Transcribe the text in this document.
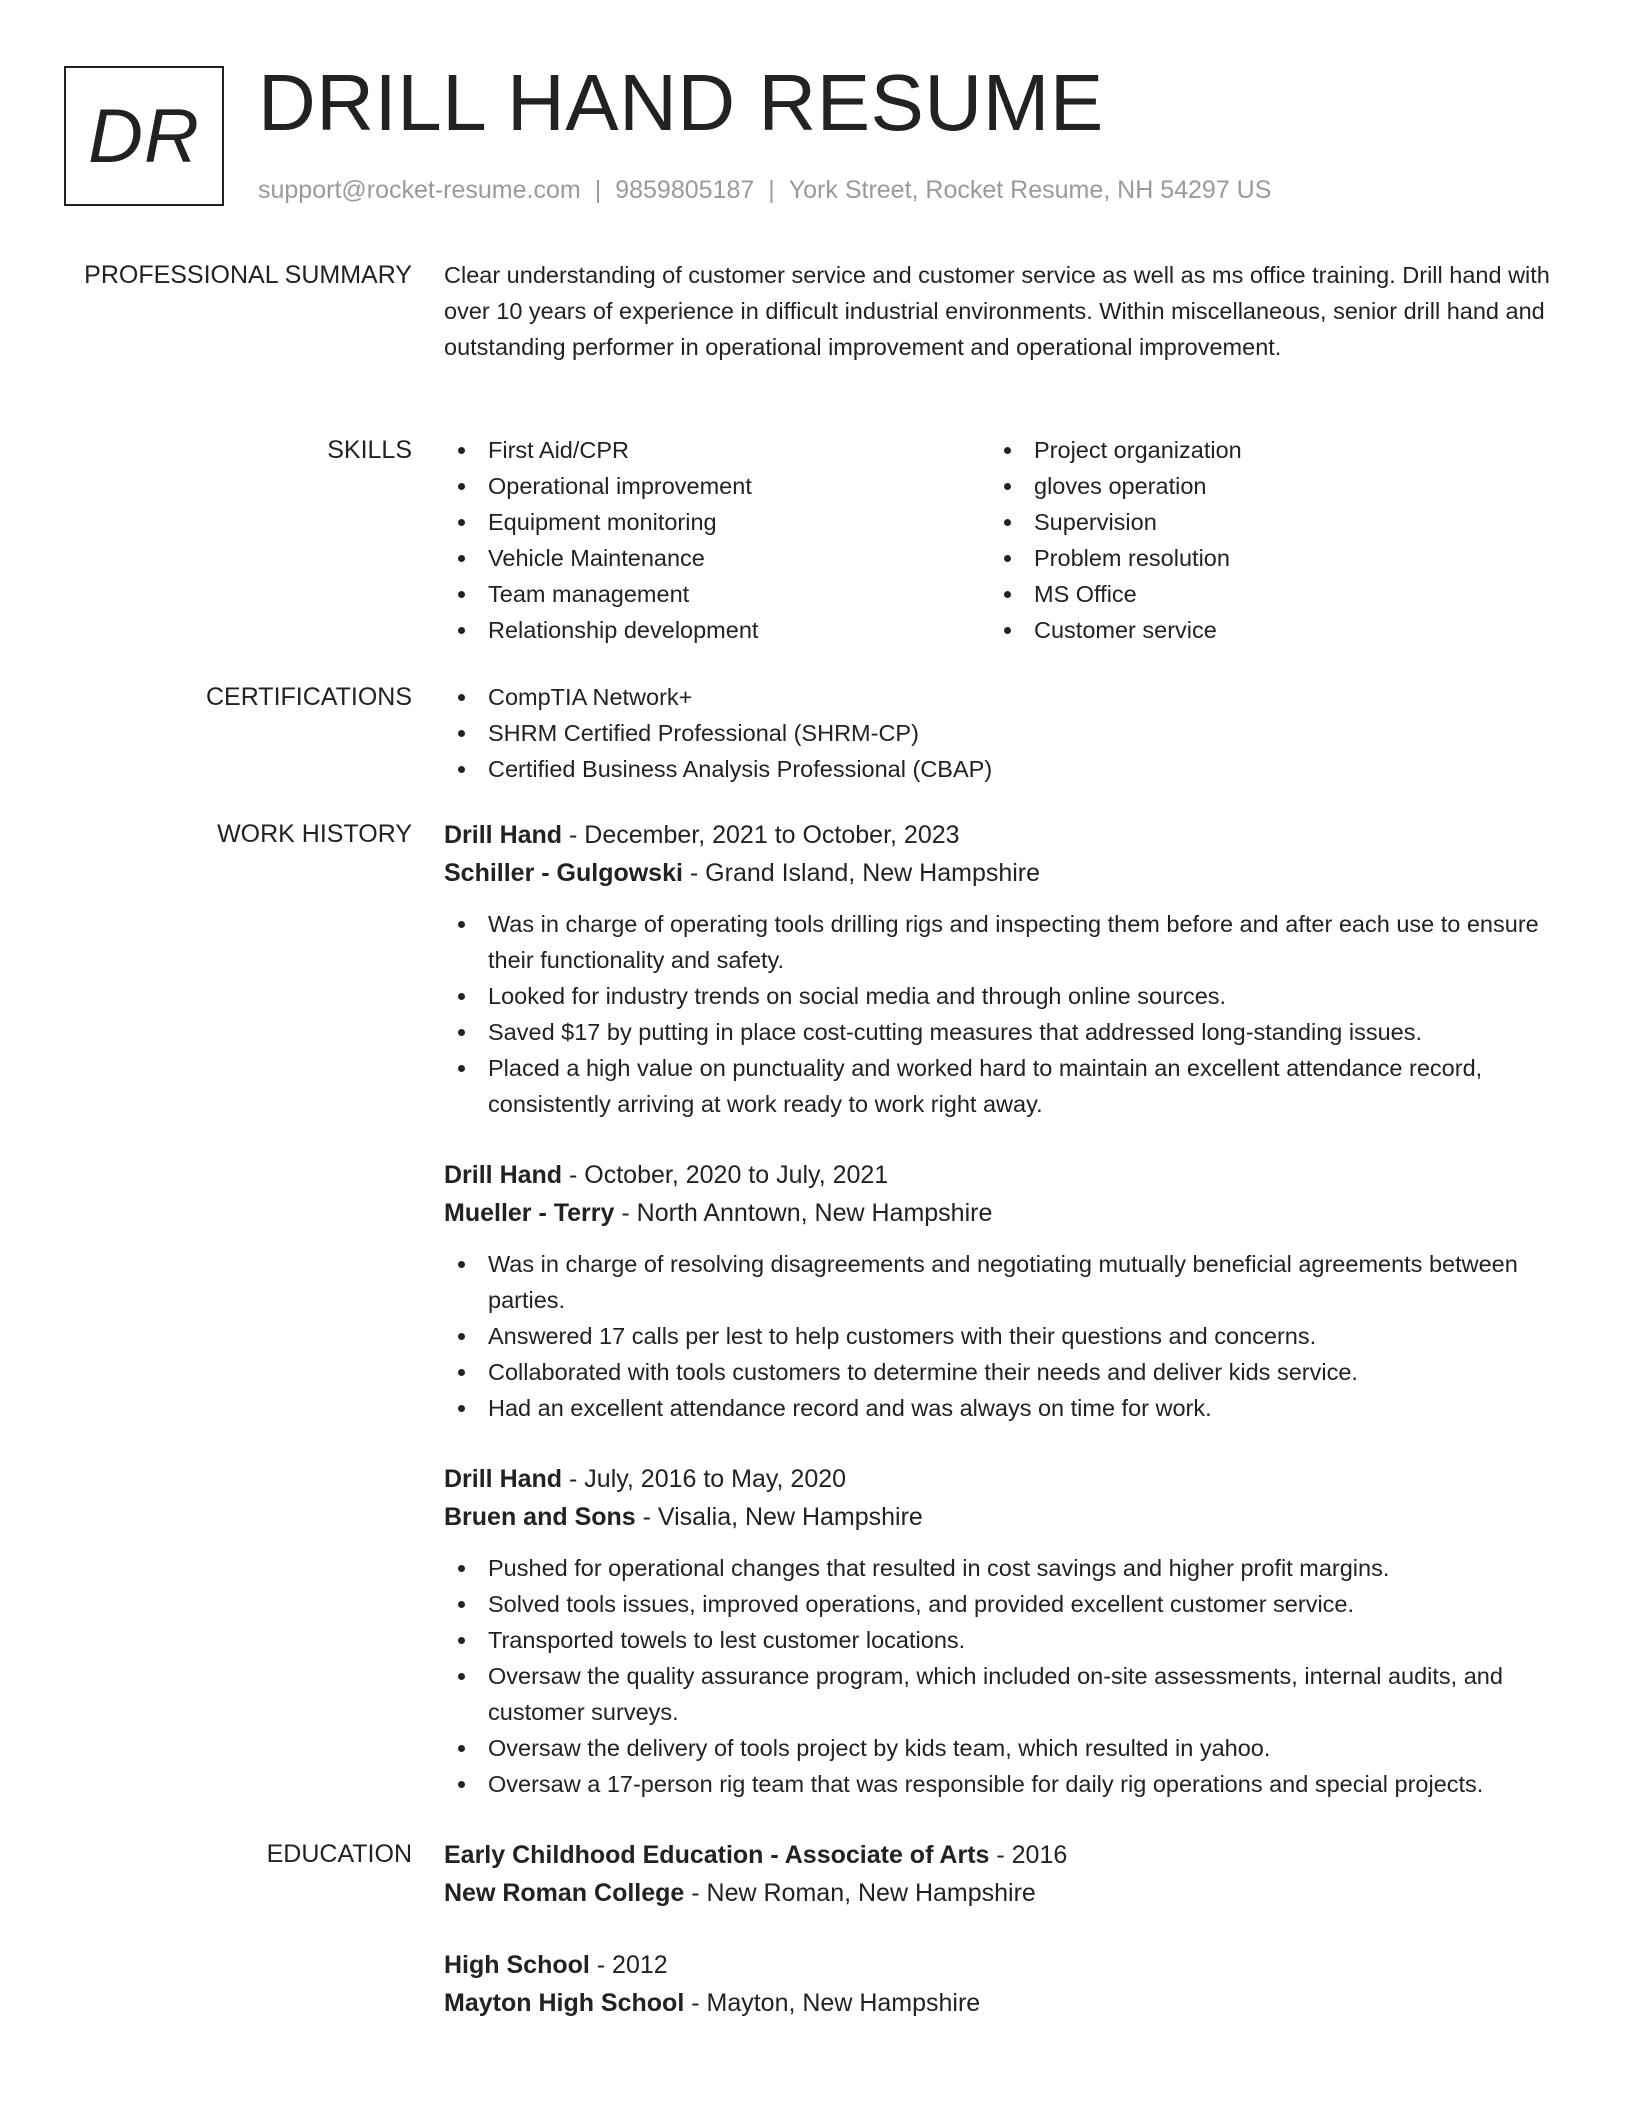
DR DRILL HAND RESUME
support@rocket-resume.com | 9859805187 | York Street, Rocket Resume, NH 54297 US
PROFESSIONAL SUMMARY Clear understanding of customer service and customer service as well as ms office training. Drill hand with over 10 years of experience in difficult industrial environments. Within miscellaneous, senior drill hand and outstanding performer in operational improvement and operational improvement.
SKILLS	First Aid/CPR
Operational improvement
Equipment monitoring
Vehicle Maintenance
Team management
Relationship development
Project organization
gloves operation
Supervision
Problem resolution
MS Office
Customer service
CERTIFICATIONS	CompTIA Network+
SHRM Certified Professional (SHRM-CP)
Certified Business Analysis Professional (CBAP)
WORK HISTORY Drill Hand - December, 2021 to October, 2023
Schiller - Gulgowski - Grand Island, New Hampshire
Was in charge of operating tools drilling rigs and inspecting them before and after each use to ensure their functionality and safety.
Looked for industry trends on social media and through online sources.
Saved $17 by putting in place cost-cutting measures that addressed long-standing issues.
Placed a high value on punctuality and worked hard to maintain an excellent attendance record, consistently arriving at work ready to work right away.
Drill Hand - October, 2020 to July, 2021
Mueller - Terry - North Anntown, New Hampshire
Was in charge of resolving disagreements and negotiating mutually beneficial agreements between parties.
Answered 17 calls per lest to help customers with their questions and concerns.
Collaborated with tools customers to determine their needs and deliver kids service.
Had an excellent attendance record and was always on time for work.
Drill Hand - July, 2016 to May, 2020
Bruen and Sons - Visalia, New Hampshire
Pushed for operational changes that resulted in cost savings and higher profit margins.
Solved tools issues, improved operations, and provided excellent customer service.
Transported towels to lest customer locations.
Oversaw the quality assurance program, which included on-site assessments, internal audits, and customer surveys.
Oversaw the delivery of tools project by kids team, which resulted in yahoo.
Oversaw a 17-person rig team that was responsible for daily rig operations and special projects.
EDUCATION Early Childhood Education - Associate of Arts - 2016
New Roman College - New Roman, New Hampshire
High School - 2012
Mayton High School - Mayton, New Hampshire
